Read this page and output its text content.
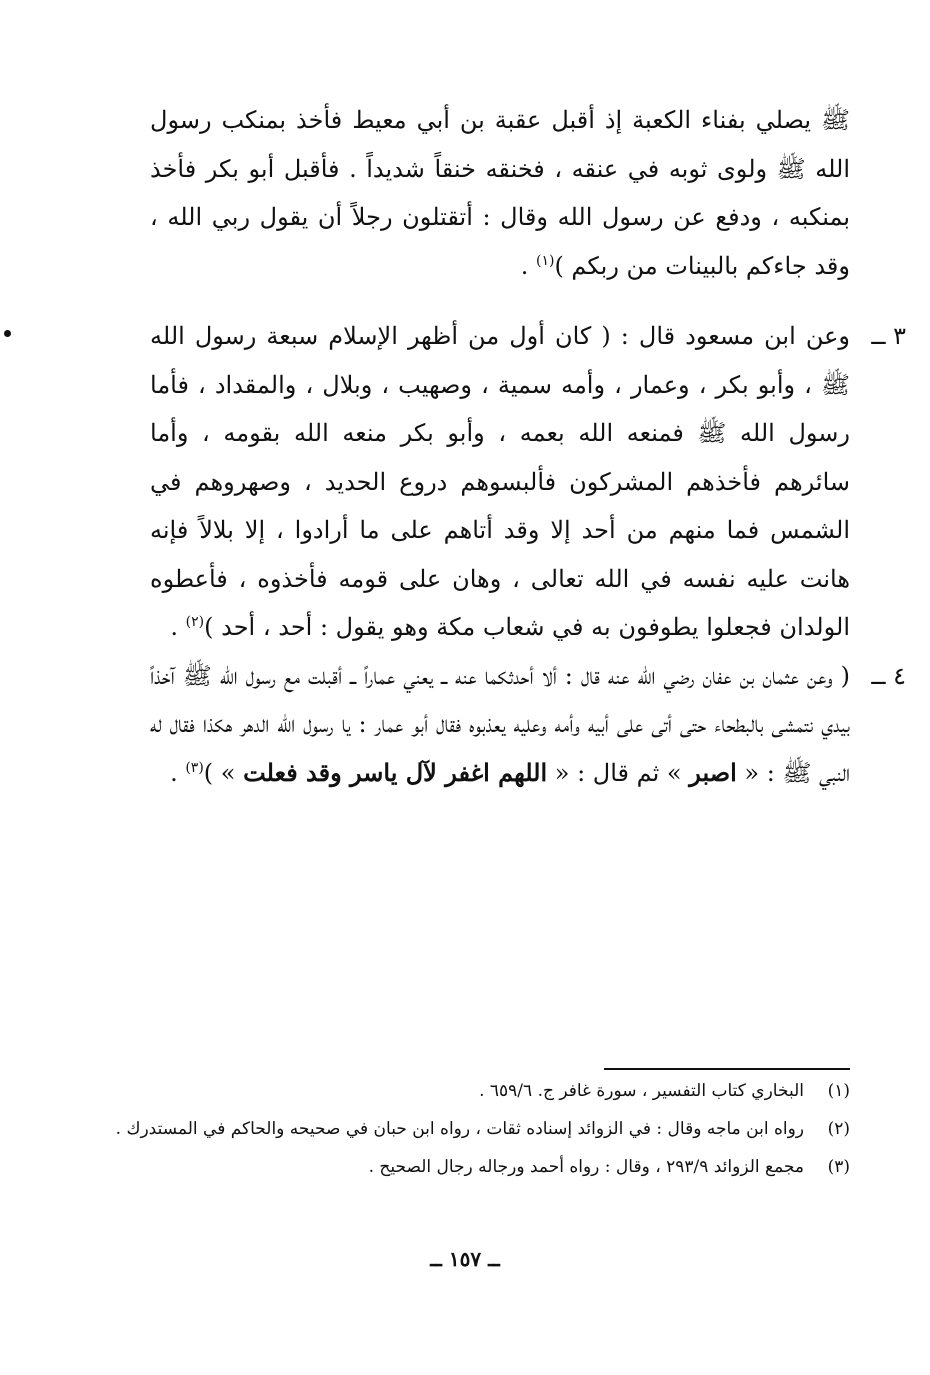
ﷺ يصلي بفناء الكعبة إذ أقبل عقبة بن أبي معيط فأخذ بمنكب رسول الله ﷺ ولوى ثوبه في عنقه ، فخنقه خنقاً شديداً . فأقبل أبو بكر فأخذ بمنكبه ، ودفع عن رسول الله وقال : أتقتلون رجلاً أن يقول ربي الله ، وقد جاءكم بالبينات من ربكم )$^{(١)}$ .

٣ ــ
وعن ابن مسعود قال : ( كان أول من أظهر الإسلام سبعة رسول الله ﷺ ، وأبو بكر ، وعمار ، وأمه سمية ، وصهيب ، وبلال ، والمقداد ، فأما رسول الله ﷺ فمنعه الله بعمه ، وأبو بكر منعه الله بقومه ، وأما سائرهم فأخذهم المشركون فألبسوهم دروع الحديد ، وصهروهم في الشمس فما منهم من أحد إلا وقد أتاهم على ما أرادوا ، إلا بلالاً فإنه هانت عليه نفسه في الله تعالى ، وهان على قومه فأخذوه ، فأعطوه الولدان فجعلوا يطوفون به في شعاب مكة وهو يقول : أحد ، أحد )$^{(٢)}$ .

٤ ــ
( وعن عثمان بن عفان رضي الله عنه قال : ألا أحدثكما عنه ــ يعني عماراً ــ أقبلت مع رسول الله ﷺ آخذاً بيدي نتمشى بالبطحاء حتى أتى على أبيه وأمه وعليه يعذبوه فقال أبو عمار : يا رسول الله الدهر هكذا فقال له النبي ﷺ : « اصبر » ثم قال : « اللهم اغفر لآل ياسر وقد فعلت » )$^{(٣)}$ .

(١)البخاري كتاب التفسير ، سورة غافر ج. ٦٥٩/٦ .
(٢)رواه ابن ماجه وقال : في الزوائد إسناده ثقات ، رواه ابن حبان في صحيحه والحاكم في المستدرك .
(٣)مجمع الزوائد ٢٩٣/٩ ، وقال : رواه أحمد ورجاله رجال الصحيح .
ــ ١٥٧ ــ
